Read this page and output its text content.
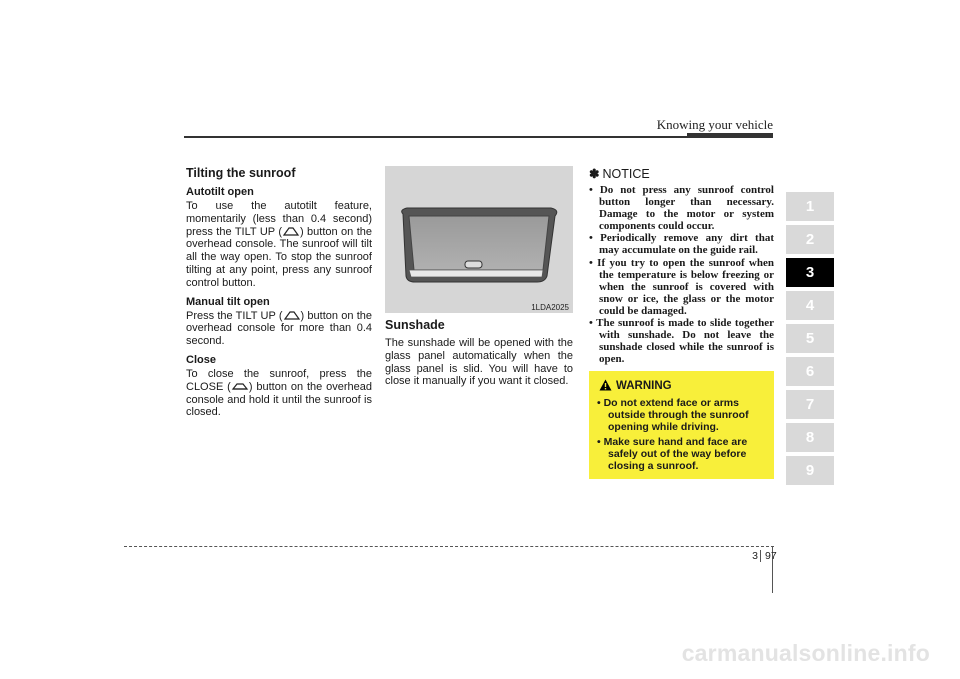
Knowing your vehicle
Tilting the sunroof
Autotilt open

To use the autotilt feature, momentarily (less than 0.4 second) press the TILT UP ( ) button on the overhead console. The sunroof will tilt all the way open. To stop the sunroof tilting at any point, press any sunroof control button.

Manual tilt open

Press the TILT UP ( ) button on the overhead console for more than 0.4 second.

Close

To close the sunroof, press the CLOSE ( ) button on the overhead console and hold it until the sunroof is closed.

1LDA2025
Sunshade

The sunshade will be opened with the glass panel automatically when the glass panel is slid. You will have to close it manually if you want it closed.

✽ NOTICE
• Do not press any sunroof control button longer than necessary. Damage to the motor or system components could occur.
• Periodically remove any dirt that may accumulate on the guide rail.
• If you try to open the sunroof when the temperature is below freezing or when the sunroof is covered with snow or ice, the glass or the motor could be damaged.
• The sunroof is made to slide together with sunshade. Do not leave the sunshade closed while the sunroof is open.
WARNING
• Do not extend face or arms outside through the sunroof opening while driving.
• Make sure hand and face are safely out of the way before closing a sunroof.
1
2
3
4
5
6
7
8
9
3 97
carmanualsonline.info
